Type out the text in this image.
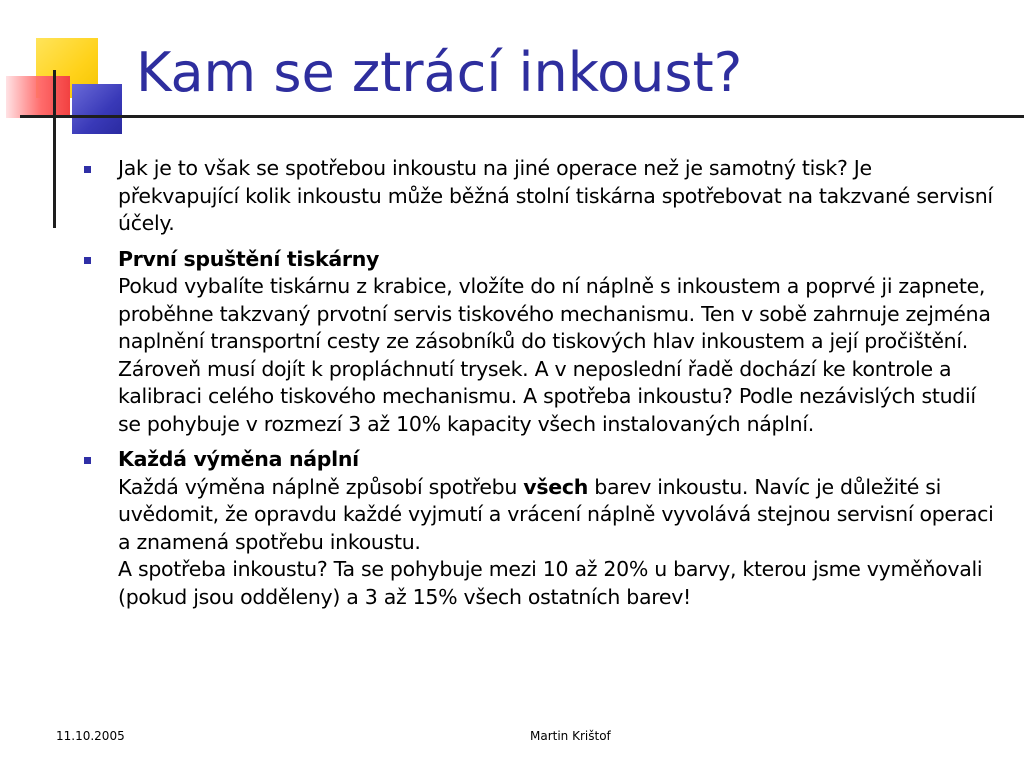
Kam se ztrácí inkoust?
Jak je to však se spotřebou inkoustu na jiné operace než je samotný tisk? Je překvapující kolik inkoustu může běžná stolní tiskárna spotřebovat na takzvané servisní účely.
První spuštění tiskárny
Pokud vybalíte tiskárnu z krabice, vložíte do ní náplně s inkoustem a poprvé ji zapnete, proběhne takzvaný prvotní servis tiskového mechanismu. Ten v sobě zahrnuje zejména naplnění transportní cesty ze zásobníků do tiskových hlav inkoustem a její pročištění. Zároveň musí dojít k propláchnutí trysek. A v neposlední řadě dochází ke kontrole a kalibraci celého tiskového mechanismu. A spotřeba inkoustu? Podle nezávislých studií se pohybuje v rozmezí 3 až 10% kapacity všech instalovaných náplní.
Každá výměna náplní
Každá výměna náplně způsobí spotřebu všech barev inkoustu. Navíc je důležité si uvědomit, že opravdu každé vyjmutí a vrácení náplně vyvolává stejnou servisní operaci a znamená spotřebu inkoustu.
A spotřeba inkoustu? Ta se pohybuje mezi 10 až 20% u barvy, kterou jsme vyměňovali (pokud jsou odděleny) a 3 až 15% všech ostatních barev!
11.10.2005	Martin Krištof
